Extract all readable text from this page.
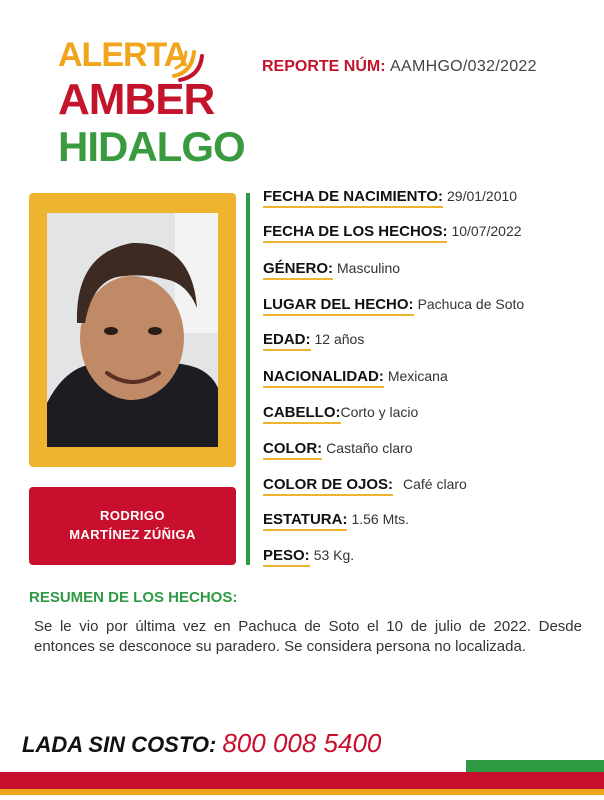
ALERTA
AMBER
HIDALGO
REPORTE NÚM: AAMHGO/032/2022
RODRIGO
MARTÍNEZ ZÚÑIGA
FECHA DE NACIMIENTO: 29/01/2010
FECHA DE LOS HECHOS: 10/07/2022
GÉNERO: Masculino
LUGAR DEL HECHO: Pachuca de Soto
EDAD: 12 años
NACIONALIDAD: Mexicana
CABELLO:Corto y lacio
COLOR: Castaño claro
COLOR DE OJOS: Café claro
ESTATURA: 1.56 Mts.
PESO: 53 Kg.
RESUMEN DE LOS HECHOS:
Se le vio por última vez en Pachuca de Soto el 10 de julio de 2022. Desde entonces se desconoce su paradero. Se considera persona no localizada.
LADA SIN COSTO: 800 008 5400
